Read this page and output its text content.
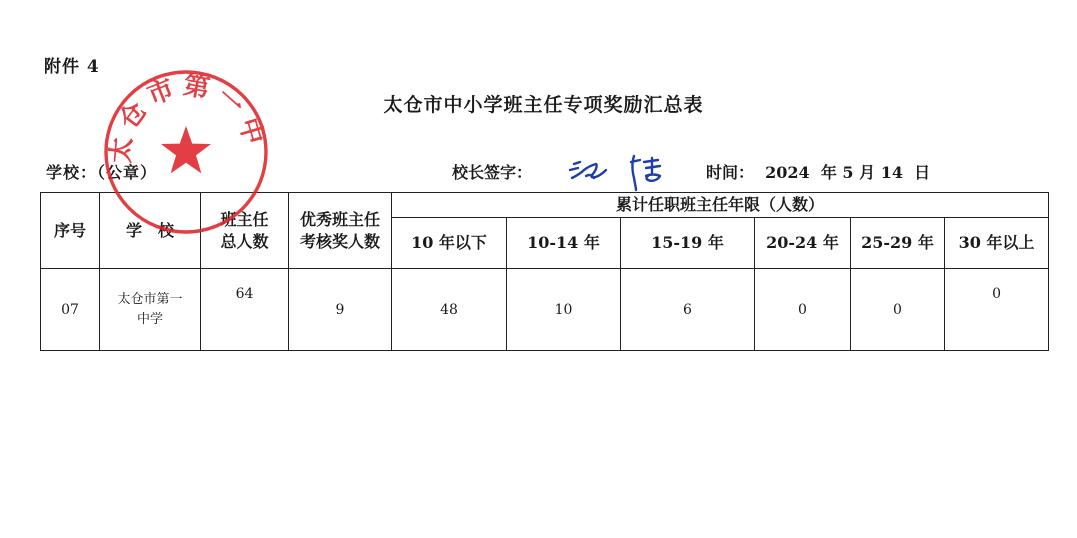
附件 4
太仓市中小学班主任专项奖励汇总表
学校：（公章）	校长签字：	时间： 2024 年 5 月 14 日
序号	学　校	班主任总人数	优秀班主任考核奖人数	累计任职班主任年限（人数）					
				10 年以下	10-14 年	15-19 年	20-24 年	25-29 年	30 年以上
07	太仓市第一中学	64	9	48	10	6	0	0	0
太仓市第一中
